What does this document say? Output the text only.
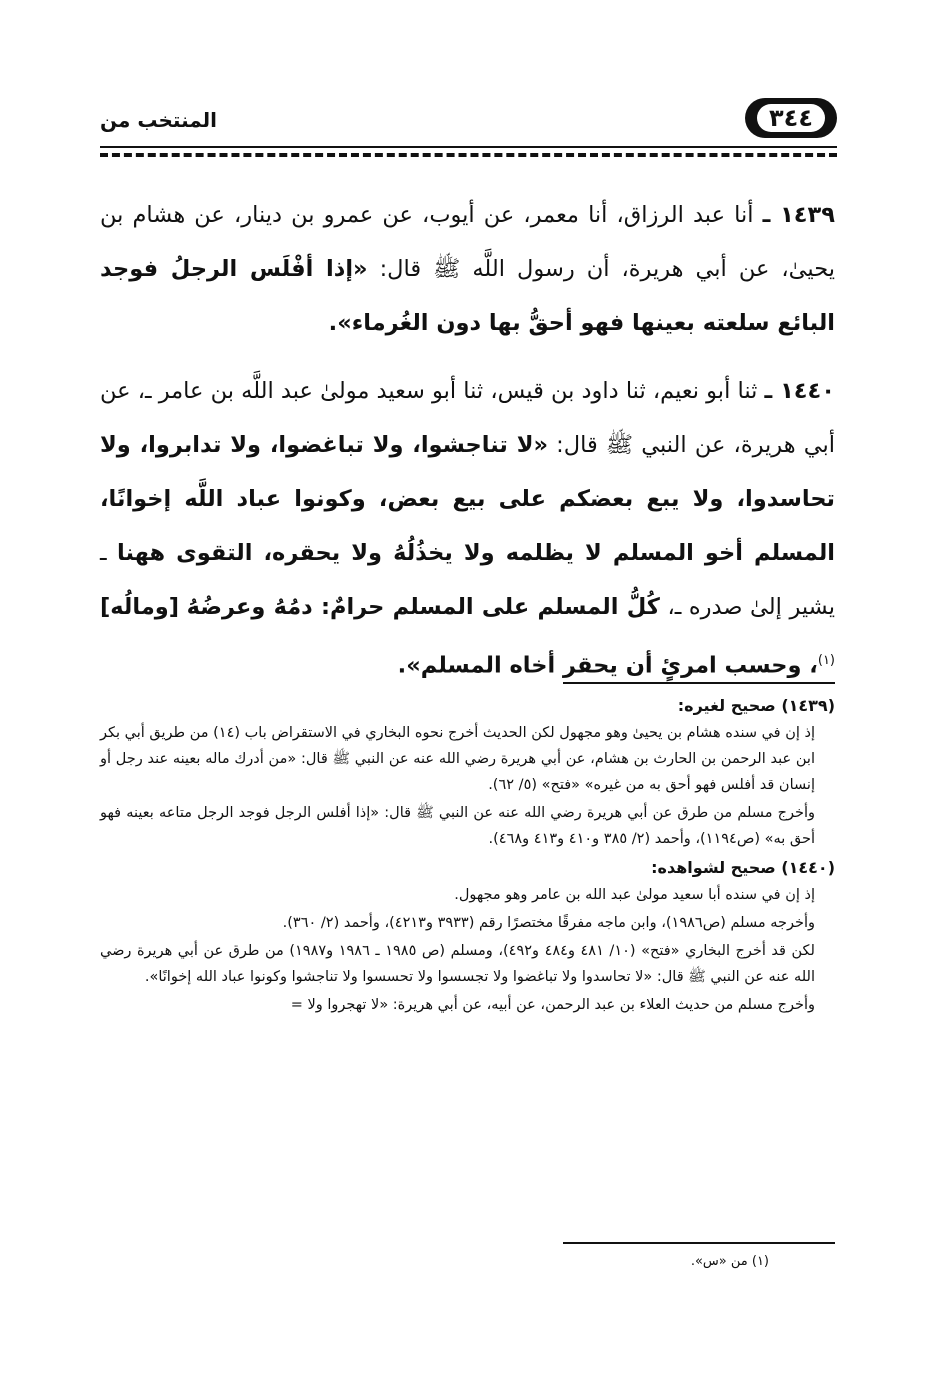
٣٤٤
المنتخب من

١٤٣٩ ـ أنا عبد الرزاق، أنا معمر، عن أيوب، عن عمرو بن دينار، عن هشام بن يحيىٰ، عن أبي هريرة، أن رسول اللَّه ﷺ قال: «إذا أفْلَس الرجلُ فوجد البائع سلعته بعينها فهو أحقُّ بها دون الغُرماء».

١٤٤٠ ـ ثنا أبو نعيم، ثنا داود بن قيس، ثنا أبو سعيد مولىٰ عبد اللَّه بن عامر ـ، عن أبي هريرة، عن النبي ﷺ قال: «لا تناجشوا، ولا تباغضوا، ولا تدابروا، ولا تحاسدوا، ولا يبع بعضكم على بيع بعض، وكونوا عباد اللَّه إخوانًا، المسلم أخو المسلم لا يظلمه ولا يخذُلُهُ ولا يحقره، التقوى ههنا ـ يشير إلىٰ صدره ـ، كُلُّ المسلم على المسلم حرامٌ: دمُهُ وعرضُهُ [ومالُه]$^{(١)}$، وحسب امرئٍ أن يحقر أخاه المسلم».

(١٤٣٩) صحيح لغيره:

إذ إن في سنده هشام بن يحيىٰ وهو مجهول لكن الحديث أخرج نحوه البخاري في الاستقراض باب (١٤) من طريق أبي بكر ابن عبد الرحمن بن الحارث بن هشام، عن أبي هريرة رضي الله عنه عن النبي ﷺ قال: «من أدرك ماله بعينه عند رجل أو إنسان قد أفلس فهو أحق به من غيره» «فتح» (٥/ ٦٢).

وأخرج مسلم من طرق عن أبي هريرة رضي الله عنه عن النبي ﷺ قال: «إذا أفلس الرجل فوجد الرجل متاعه بعينه فهو أحق به» (ص١١٩٤)، وأحمد (٢/ ٣٨٥ و٤١٠ و٤١٣ و٤٦٨).

(١٤٤٠) صحيح لشواهده:

إذ إن في سنده أبا سعيد مولىٰ عبد الله بن عامر وهو مجهول.

وأخرجه مسلم (ص١٩٨٦)، وابن ماجه مفرقًا مختصرًا رقم (٣٩٣٣ و٤٢١٣)، وأحمد (٢/ ٣٦٠).

لكن قد أخرج البخاري «فتح» (١٠/ ٤٨١ و٤٨٤ و٤٩٢)، ومسلم (ص ١٩٨٥ ـ ١٩٨٦ و١٩٨٧) من طرق عن أبي هريرة رضي الله عنه عن النبي ﷺ قال: «لا تحاسدوا ولا تباغضوا ولا تجسسوا ولا تحسسوا ولا تناجشوا وكونوا عباد الله إخوانًا».

وأخرج مسلم من حديث العلاء بن عبد الرحمن، عن أبيه، عن أبي هريرة: «لا تهجروا ولا =

(١) من «س».
